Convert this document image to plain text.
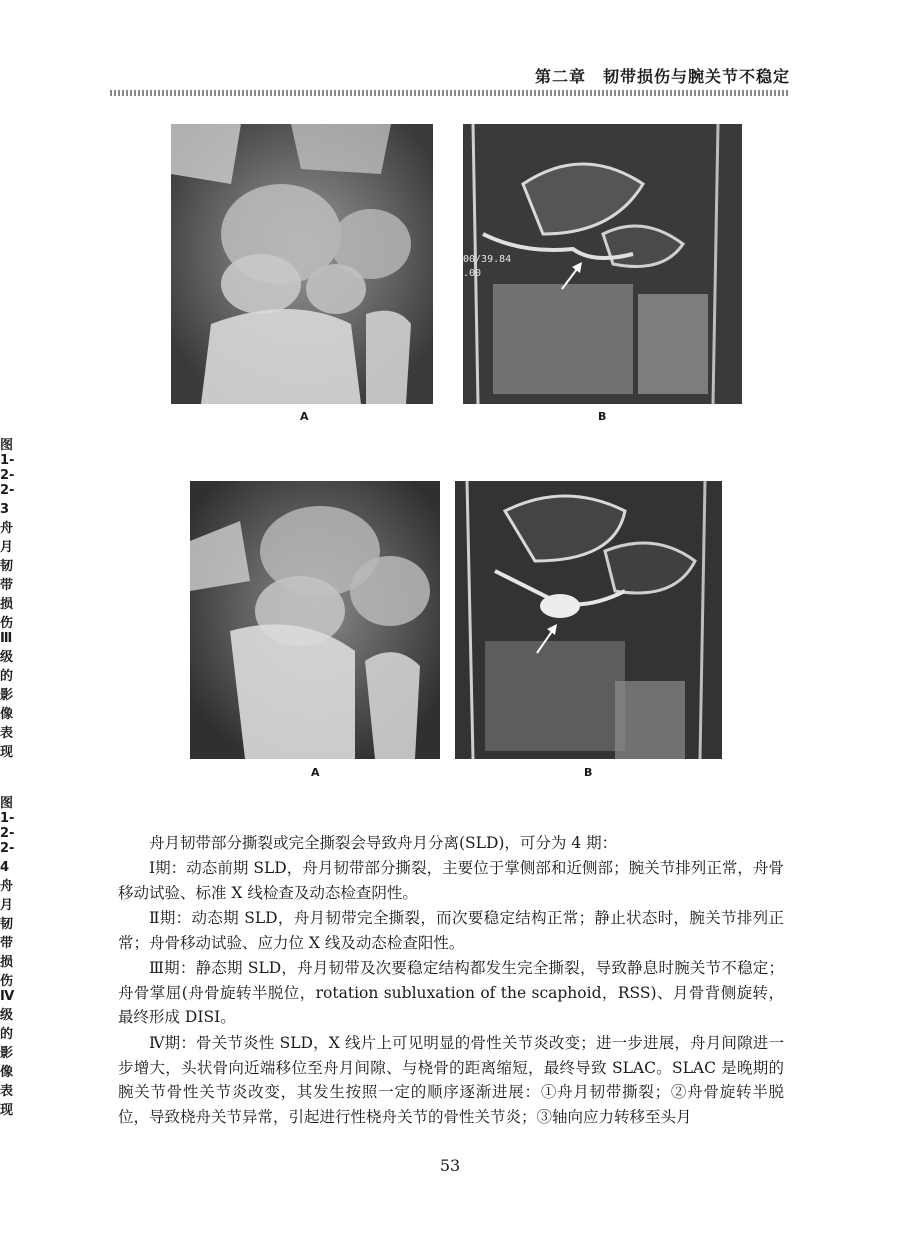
第二章　韧带损伤与腕关节不稳定
00/39.84
.00
A	B
图 1-2-2-3　舟月韧带损伤Ⅲ级的影像表现
A	B
图 1-2-2-4　舟月韧带损伤Ⅳ级的影像表现
舟月韧带部分撕裂或完全撕裂会导致舟月分离(SLD)，可分为 4 期：
Ⅰ期：动态前期 SLD，舟月韧带部分撕裂，主要位于掌侧部和近侧部；腕关节排列正常，舟骨移动试验、标准 X 线检查及动态检查阴性。
Ⅱ期：动态期 SLD，舟月韧带完全撕裂，而次要稳定结构正常；静止状态时，腕关节排列正常；舟骨移动试验、应力位 X 线及动态检查阳性。
Ⅲ期：静态期 SLD，舟月韧带及次要稳定结构都发生完全撕裂，导致静息时腕关节不稳定；舟骨掌屈(舟骨旋转半脱位，rotation subluxation of the scaphoid，RSS)、月骨背侧旋转，最终形成 DISI。
Ⅳ期：骨关节炎性 SLD，X 线片上可见明显的骨性关节炎改变；进一步进展，舟月间隙进一步增大，头状骨向近端移位至舟月间隙、与桡骨的距离缩短，最终导致 SLAC。SLAC 是晚期的腕关节骨性关节炎改变，其发生按照一定的顺序逐渐进展：①舟月韧带撕裂；②舟骨旋转半脱位，导致桡舟关节异常，引起进行性桡舟关节的骨性关节炎；③轴向应力转移至头月
53
